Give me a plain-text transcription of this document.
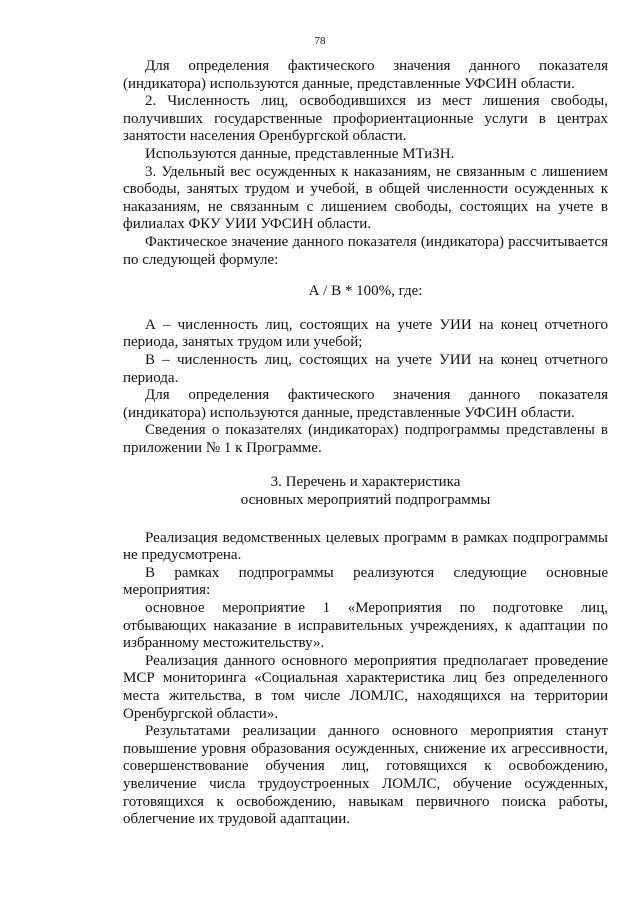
78

Для определения фактического значения данного показателя (индикатора) используются данные, представленные УФСИН области.

2. Численность лиц, освободившихся из мест лишения свободы, получивших государственные профориентационные услуги в центрах занятости населения Оренбургской области.

Используются данные, представленные МТиЗН.

3. Удельный вес осужденных к наказаниям, не связанным с лишением свободы, занятых трудом и учебой, в общей численности осужденных к наказаниям, не связанным с лишением свободы, состоящих на учете в филиалах ФКУ УИИ УФСИН области.

Фактическое значение данного показателя (индикатора) рассчитывается по следующей формуле:

А / В * 100%, где:

А – численность лиц, состоящих на учете УИИ на конец отчетного периода, занятых трудом или учебой;

В – численность лиц, состоящих на учете УИИ на конец отчетного периода.

Для определения фактического значения данного показателя (индикатора) используются данные, представленные УФСИН области.

Сведения о показателях (индикаторах) подпрограммы представлены в приложении № 1 к Программе.

3. Перечень и характеристика
основных мероприятий подпрограммы

Реализация ведомственных целевых программ в рамках подпрограммы не предусмотрена.

В рамках подпрограммы реализуются следующие основные мероприятия:

основное мероприятие 1 «Мероприятия по подготовке лиц, отбывающих наказание в исправительных учреждениях, к адаптации по избранному местожительству».

Реализация данного основного мероприятия предполагает проведение МСР мониторинга «Социальная характеристика лиц без определенного места жительства, в том числе ЛОМЛС, находящихся на территории Оренбургской области».

Результатами реализации данного основного мероприятия станут повышение уровня образования осужденных, снижение их агрессивности, совершенствование обучения лиц, готовящихся к освобождению, увеличение числа трудоустроенных ЛОМЛС, обучение осужденных, готовящихся к освобождению, навыкам первичного поиска работы, облегчение их трудовой адаптации.
